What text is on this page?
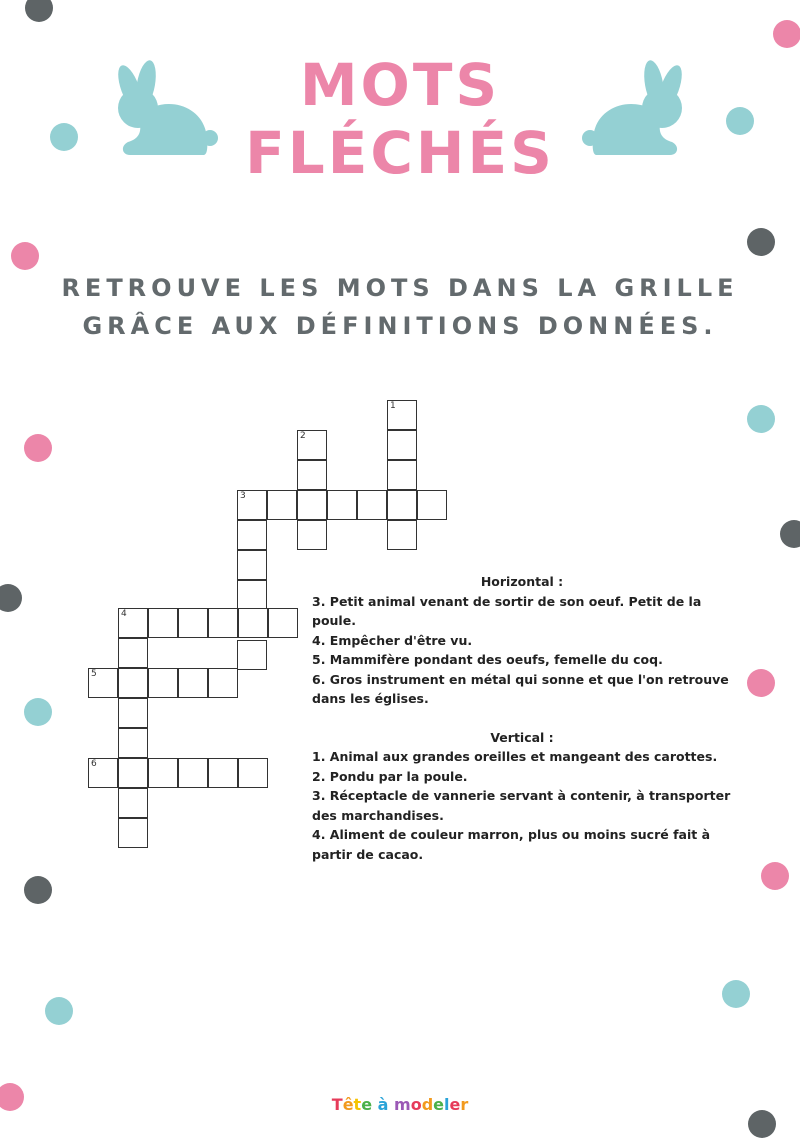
MOTS
FLÉCHÉS
RETROUVE LES MOTS DANS LA GRILLE
GRÂCE AUX DÉFINITIONS DONNÉES.
1
2
3
4
5
6
Horizontal :
3. Petit animal venant de sortir de son oeuf. Petit de la
poule.
4. Empêcher d'être vu.
5. Mammifère pondant des oeufs, femelle du coq.
6. Gros instrument en métal qui sonne et que l'on retrouve
dans les églises.
Vertical :
1. Animal aux grandes oreilles et mangeant des carottes.
2. Pondu par la poule.
3. Réceptacle de vannerie servant à contenir, à transporter
des marchandises.
4. Aliment de couleur marron, plus ou moins sucré fait à
partir de cacao.
Tête à modeler
